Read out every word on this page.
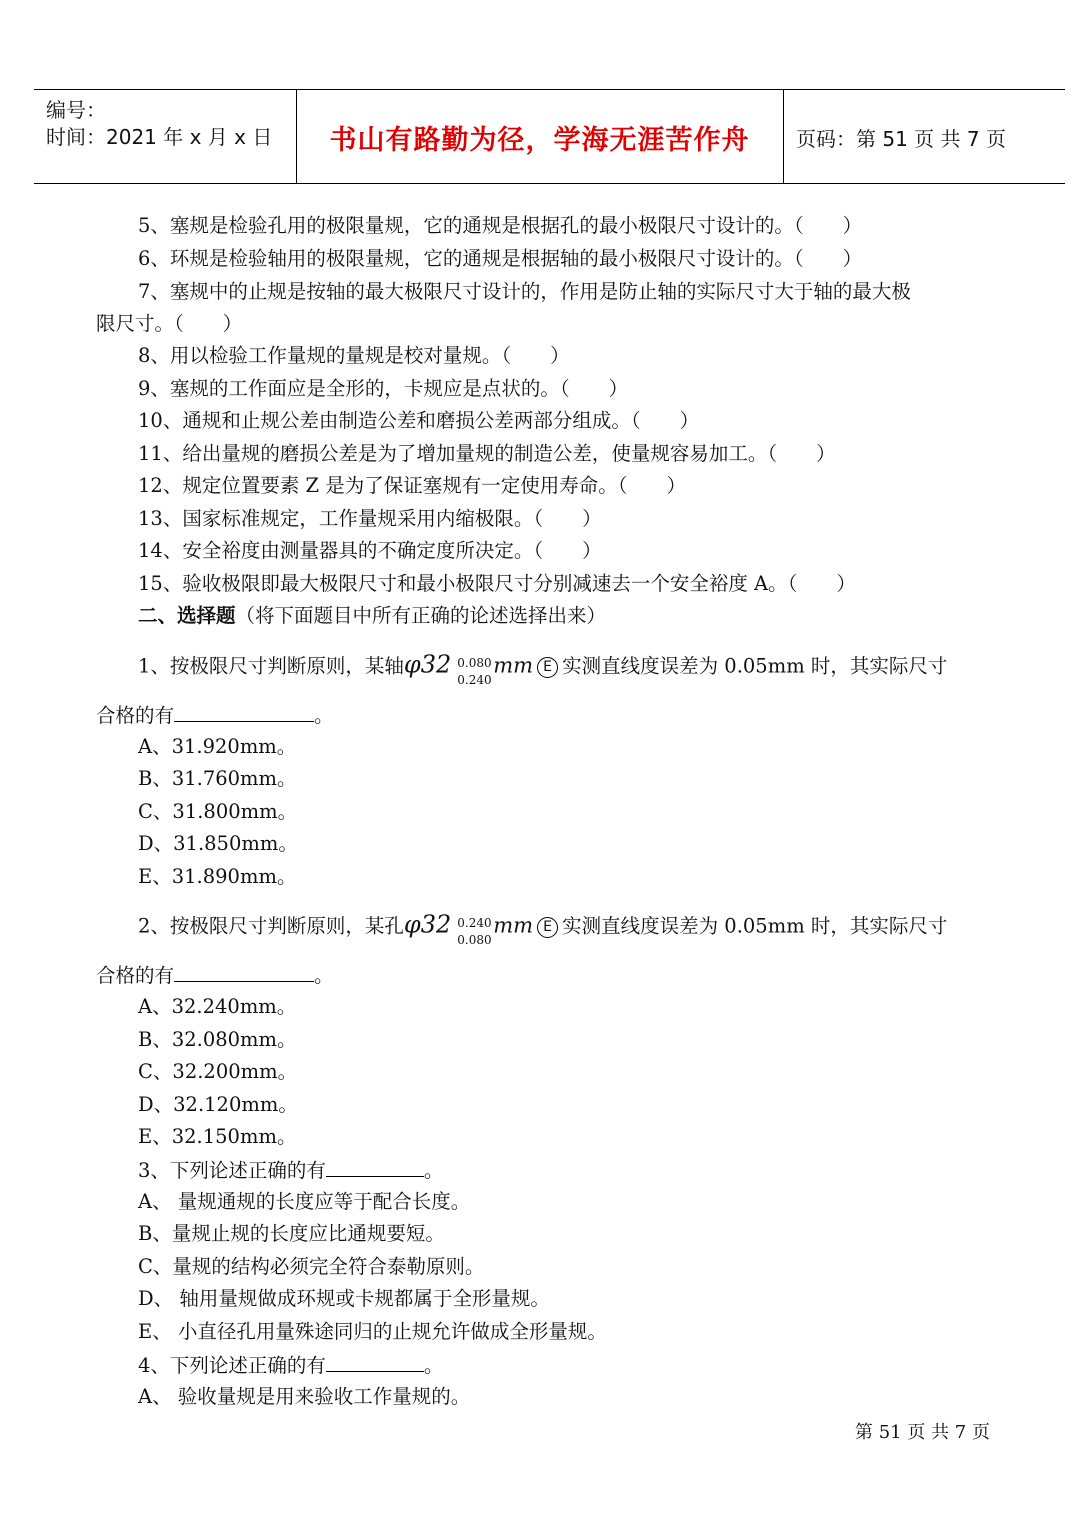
编号：
时间：2021 年 x 月 x 日	书山有路勤为径，学海无涯苦作舟	页码：第 51 页 共 7 页
5、塞规是检验孔用的极限量规，它的通规是根据孔的最小极限尺寸设计的。（　　）
6、环规是检验轴用的极限量规，它的通规是根据轴的最小极限尺寸设计的。（　　）
7、塞规中的止规是按轴的最大极限尺寸设计的，作用是防止轴的实际尺寸大于轴的最大极
限尺寸。（　　）
8、用以检验工作量规的量规是校对量规。（　　）
9、塞规的工作面应是全形的，卡规应是点状的。（　　）
10、通规和止规公差由制造公差和磨损公差两部分组成。（　　）
11、给出量规的磨损公差是为了增加量规的制造公差，使量规容易加工。（　　）
12、规定位置要素 Z 是为了保证塞规有一定使用寿命。（　　）
13、国家标准规定，工作量规采用内缩极限。（　　）
14、安全裕度由测量器具的不确定度所决定。（　　）
15、验收极限即最大极限尺寸和最小极限尺寸分别减速去一个安全裕度 A。（　　）
二、选择题（将下面题目中所有正确的论述选择出来）
1、按极限尺寸判断原则，某轴φ32 0.080
0.240
mm E 实测直线度误差为 0.05mm 时，其实际尺寸
合格的有	。
A、31.920mm。
B、31.760mm。
C、31.800mm。
D、31.850mm。
E、31.890mm。
2、按极限尺寸判断原则，某孔φ32 0.240
0.080
mm E 实测直线度误差为 0.05mm 时，其实际尺寸
合格的有	。
A、32.240mm。
B、32.080mm。
C、32.200mm。
D、32.120mm。
E、32.150mm。
3、下列论述正确的有	。
A、 量规通规的长度应等于配合长度。
B、量规止规的长度应比通规要短。
C、量规的结构必须完全符合泰勒原则。
D、 轴用量规做成环规或卡规都属于全形量规。
E、 小直径孔用量殊途同归的止规允许做成全形量规。
4、下列论述正确的有	。
A、 验收量规是用来验收工作量规的。
第 51 页 共 7 页
